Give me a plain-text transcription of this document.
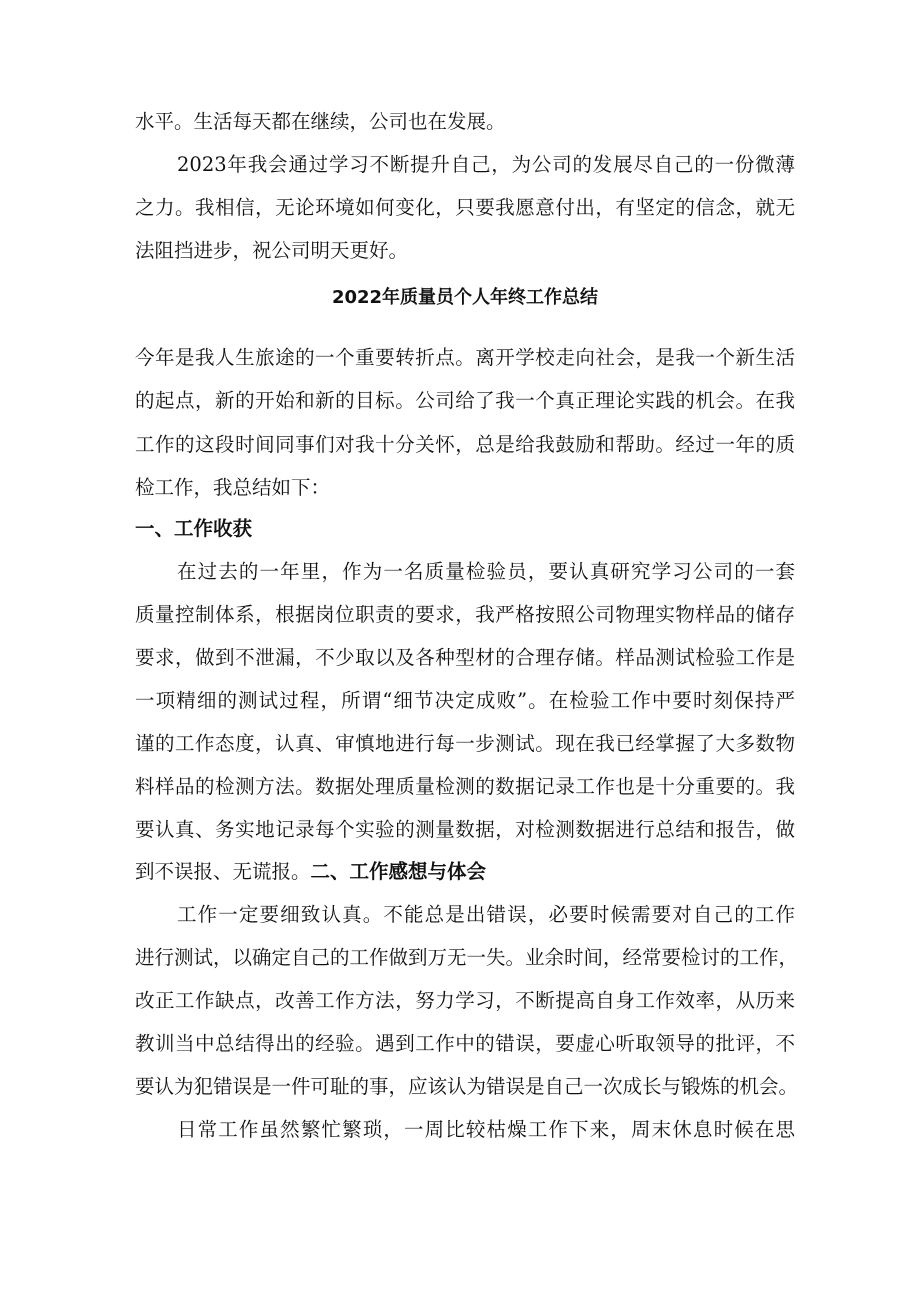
水平。生活每天都在继续，公司也在发展。
2023年我会通过学习不断提升自己，为公司的发展尽自己的一份微薄
之力。我相信，无论环境如何变化，只要我愿意付出，有坚定的信念，就无
法阻挡进步，祝公司明天更好。
2022年质量员个人年终工作总结
今年是我人生旅途的一个重要转折点。离开学校走向社会，是我一个新生活
的起点，新的开始和新的目标。公司给了我一个真正理论实践的机会。在我
工作的这段时间同事们对我十分关怀，总是给我鼓励和帮助。经过一年的质
检工作，我总结如下：
一、工作收获
在过去的一年里，作为一名质量检验员，要认真研究学习公司的一套
质量控制体系，根据岗位职责的要求，我严格按照公司物理实物样品的储存
要求，做到不泄漏，不少取以及各种型材的合理存储。样品测试检验工作是
一项精细的测试过程，所谓“细节决定成败”。在检验工作中要时刻保持严
谨的工作态度，认真、审慎地进行每一步测试。现在我已经掌握了大多数物
料样品的检测方法。数据处理质量检测的数据记录工作也是十分重要的。我
要认真、务实地记录每个实验的测量数据，对检测数据进行总结和报告，做
到不误报、无谎报。二、工作感想与体会
工作一定要细致认真。不能总是出错误，必要时候需要对自己的工作
进行测试，以确定自己的工作做到万无一失。业余时间，经常要检讨的工作，
改正工作缺点，改善工作方法，努力学习，不断提高自身工作效率，从历来
教训当中总结得出的经验。遇到工作中的错误，要虚心听取领导的批评，不
要认为犯错误是一件可耻的事，应该认为错误是自己一次成长与锻炼的机会。
日常工作虽然繁忙繁琐，一周比较枯燥工作下来，周末休息时候在思
